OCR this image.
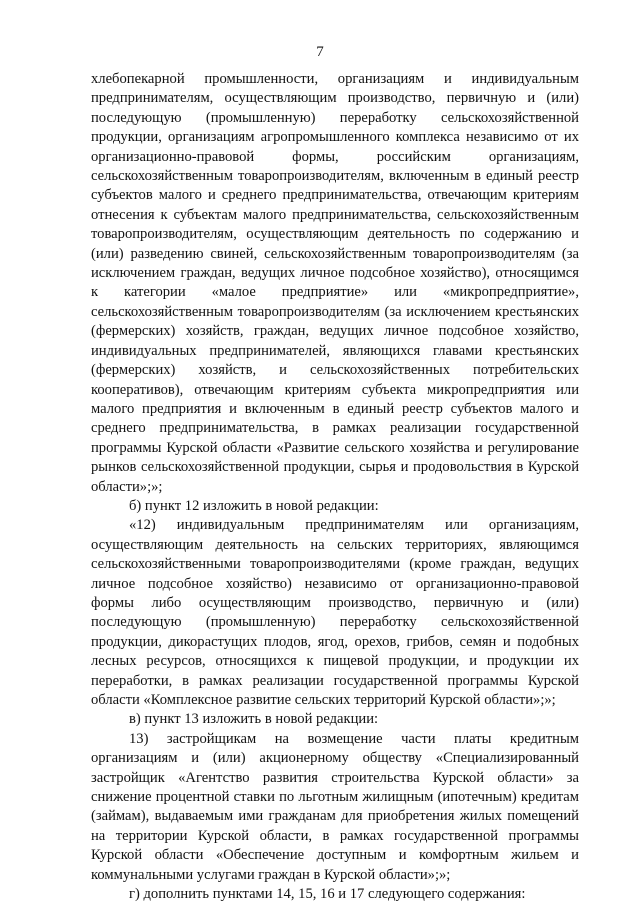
7

хлебопекарной промышленности, организациям и индивидуальным предпринимателям, осуществляющим производство, первичную и (или) последующую (промышленную) переработку сельскохозяйственной продукции, организациям агропромышленного комплекса независимо от их организационно-правовой формы, российским организациям, сельскохозяйственным товаропроизводителям, включенным в единый реестр субъектов малого и среднего предпринимательства, отвечающим критериям отнесения к субъектам малого предпринимательства, сельскохозяйственным товаропроизводителям, осуществляющим деятельность по содержанию и (или) разведению свиней, сельскохозяйственным товаропроизводителям (за исключением граждан, ведущих личное подсобное хозяйство), относящимся к категории «малое предприятие» или «микропредприятие», сельскохозяйственным товаропроизводителям (за исключением крестьянских (фермерских) хозяйств, граждан, ведущих личное подсобное хозяйство, индивидуальных предпринимателей, являющихся главами крестьянских (фермерских) хозяйств, и сельскохозяйственных потребительских кооперативов), отвечающим критериям субъекта микропредприятия или малого предприятия и включенным в единый реестр субъектов малого и среднего предпринимательства, в рамках реализации государственной программы Курской области «Развитие сельского хозяйства и регулирование рынков сельскохозяйственной продукции, сырья и продовольствия в Курской области»;»;

б) пункт 12 изложить в новой редакции:

«12) индивидуальным предпринимателям или организациям, осуществляющим деятельность на сельских территориях, являющимся сельскохозяйственными товаропроизводителями (кроме граждан, ведущих личное подсобное хозяйство) независимо от организационно-правовой формы либо осуществляющим производство, первичную и (или) последующую (промышленную) переработку сельскохозяйственной продукции, дикорастущих плодов, ягод, орехов, грибов, семян и подобных лесных ресурсов, относящихся к пищевой продукции, и продукции их переработки, в рамках реализации государственной программы Курской области «Комплексное развитие сельских территорий Курской области»;»;

в) пункт 13 изложить в новой редакции:

13) застройщикам на возмещение части платы кредитным организациям и (или) акционерному обществу «Специализированный застройщик «Агентство развития строительства Курской области» за снижение процентной ставки по льготным жилищным (ипотечным) кредитам (займам), выдаваемым ими гражданам для приобретения жилых помещений на территории Курской области, в рамках государственной программы Курской области «Обеспечение доступным и комфортным жильем и коммунальными услугами граждан в Курской области»;»;

г) дополнить пунктами 14, 15, 16 и 17 следующего содержания:
